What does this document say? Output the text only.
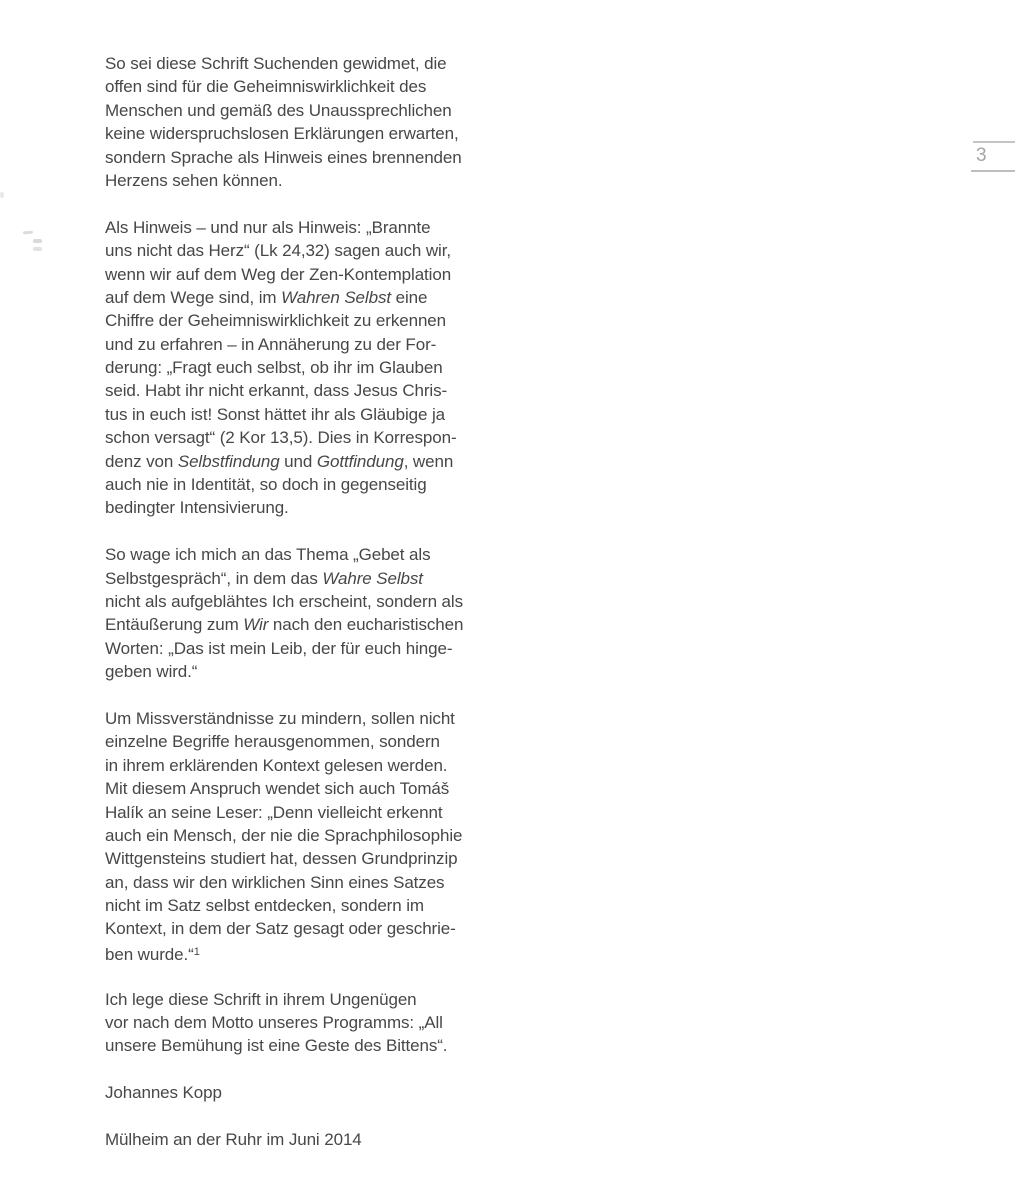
3
So sei diese Schrift Suchenden gewidmet, die
offen sind für die Geheimniswirklichkeit des
Menschen und gemäß des Unaussprechlichen
keine widerspruchslosen Erklärungen erwarten,
sondern Sprache als Hinweis eines brennenden
Herzens sehen können.
Als Hinweis – und nur als Hinweis: „Brannte
uns nicht das Herz“ (Lk 24,32) sagen auch wir,
wenn wir auf dem Weg der Zen-Kontemplation
auf dem Wege sind, im Wahren Selbst eine
Chiffre der Geheimniswirklichkeit zu erkennen
und zu erfahren – in Annäherung zu der For-
derung: „Fragt euch selbst, ob ihr im Glauben
seid. Habt ihr nicht erkannt, dass Jesus Chris-
tus in euch ist! Sonst hättet ihr als Gläubige ja
schon versagt“ (2 Kor 13,5). Dies in Korrespon-
denz von Selbstfindung und Gottfindung, wenn
auch nie in Identität, so doch in gegenseitig
bedingter Intensivierung.
So wage ich mich an das Thema „Gebet als
Selbstgespräch“, in dem das Wahre Selbst
nicht als aufgeblähtes Ich erscheint, sondern als
Entäußerung zum Wir nach den eucharistischen
Worten: „Das ist mein Leib, der für euch hinge-
geben wird.“
Um Missverständnisse zu mindern, sollen nicht
einzelne Begriffe herausgenommen, sondern
in ihrem erklärenden Kontext gelesen werden.
Mit diesem Anspruch wendet sich auch Tomáš
Halík an seine Leser: „Denn vielleicht erkennt
auch ein Mensch, der nie die Sprachphilosophie
Wittgensteins studiert hat, dessen Grundprinzip
an, dass wir den wirklichen Sinn eines Satzes
nicht im Satz selbst entdecken, sondern im
Kontext, in dem der Satz gesagt oder geschrie-
ben wurde.“$^1$
Ich lege diese Schrift in ihrem Ungenügen
vor nach dem Motto unseres Programms: „All
unsere Bemühung ist eine Geste des Bittens“.
Johannes Kopp
Mülheim an der Ruhr im Juni 2014
